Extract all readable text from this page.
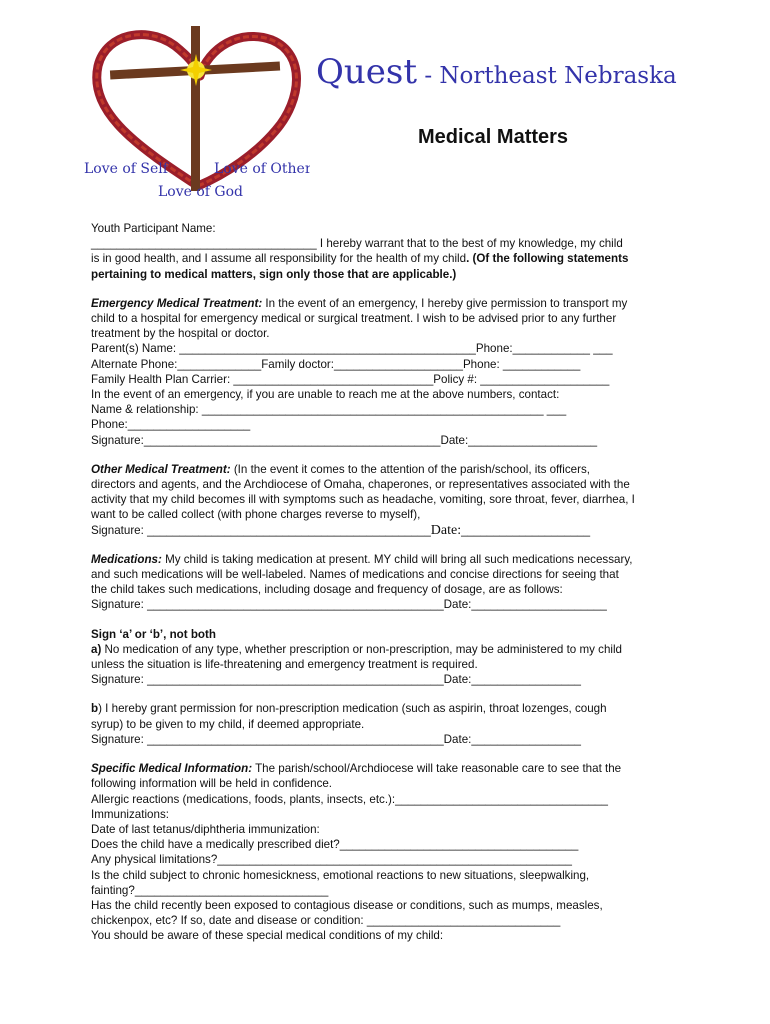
Love of Self	Love of Others
Love of God
Quest - Northeast Nebraska
Medical Matters

Youth Participant Name:

___________________________________ I hereby warrant that to the best of my knowledge, my child

is in good health, and I assume all responsibility for the health of my child. (Of the following statements

pertaining to medical matters, sign only those that are applicable.)

Emergency Medical Treatment: In the event of an emergency, I hereby give permission to transport my

child to a hospital for emergency medical or surgical treatment. I wish to be advised prior to any further

treatment by the hospital or doctor.

Parent(s) Name: ______________________________________________Phone:____________ ___

Alternate Phone:_____________Family doctor:____________________Phone: ____________

Family Health Plan Carrier: _______________________________Policy #: ____________________

In the event of an emergency, if you are unable to reach me at the above numbers, contact:

Name & relationship: _____________________________________________________ ___

Phone:___________________

Signature:______________________________________________Date:____________________

Other Medical Treatment: (In the event it comes to the attention of the parish/school, its officers,

directors and agents, and the Archdiocese of Omaha, chaperones, or representatives associated with the

activity that my child becomes ill with symptoms such as headache, vomiting, sore throat, fever, diarrhea, I

want to be called collect (with phone charges reverse to myself),

Signature: ____________________________________________Date:____________________

Medications: My child is taking medication at present. MY child will bring all such medications necessary,

and such medications will be well-labeled. Names of medications and concise directions for seeing that

the child takes such medications, including dosage and frequency of dosage, are as follows:

Signature: ______________________________________________Date:_____________________

Sign ‘a’ or ‘b’, not both

a) No medication of any type, whether prescription or non-prescription, may be administered to my child

unless the situation is life-threatening and emergency treatment is required.

Signature: ______________________________________________Date:_________________

b) I hereby grant permission for non-prescription medication (such as aspirin, throat lozenges, cough

syrup) to be given to my child, if deemed appropriate.

Signature: ______________________________________________Date:_________________

Specific Medical Information: The parish/school/Archdiocese will take reasonable care to see that the

following information will be held in confidence.

Allergic reactions (medications, foods, plants, insects, etc.):_________________________________

Immunizations:

Date of last tetanus/diphtheria immunization:

Does the child have a medically prescribed diet?_____________________________________

Any physical limitations?_______________________________________________________

Is the child subject to chronic homesickness, emotional reactions to new situations, sleepwalking,

fainting?______________________________

Has the child recently been exposed to contagious disease or conditions, such as mumps, measles,

chickenpox, etc? If so, date and disease or condition: ______________________________

You should be aware of these special medical conditions of my child:
